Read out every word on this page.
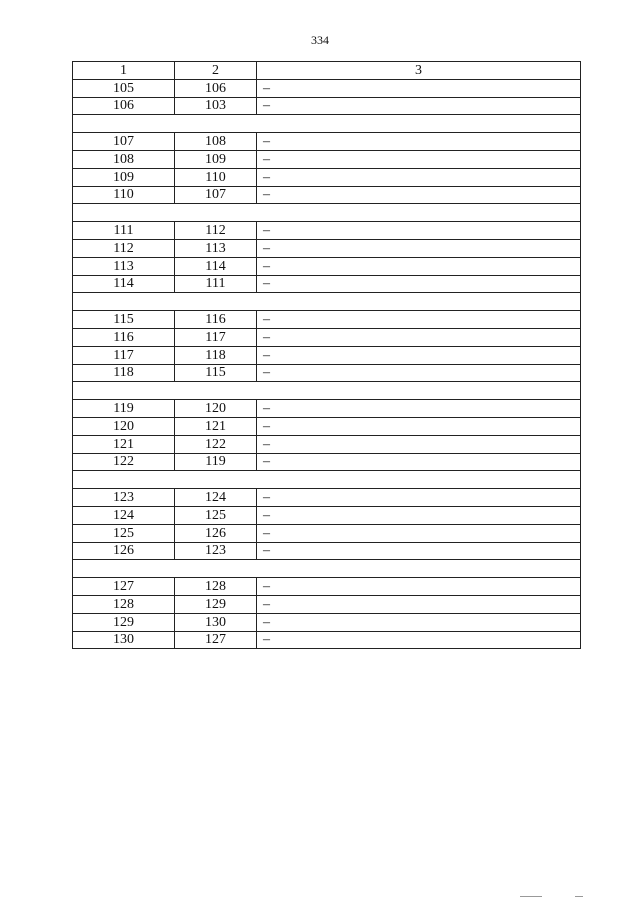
334
1	2	3
105	106	–
106	103	–

107	108	–
108	109	–
109	110	–
110	107	–

111	112	–
112	113	–
113	114	–
114	111	–

115	116	–
116	117	–
117	118	–
118	115	–

119	120	–
120	121	–
121	122	–
122	119	–

123	124	–
124	125	–
125	126	–
126	123	–

127	128	–
128	129	–
129	130	–
130	127	–
